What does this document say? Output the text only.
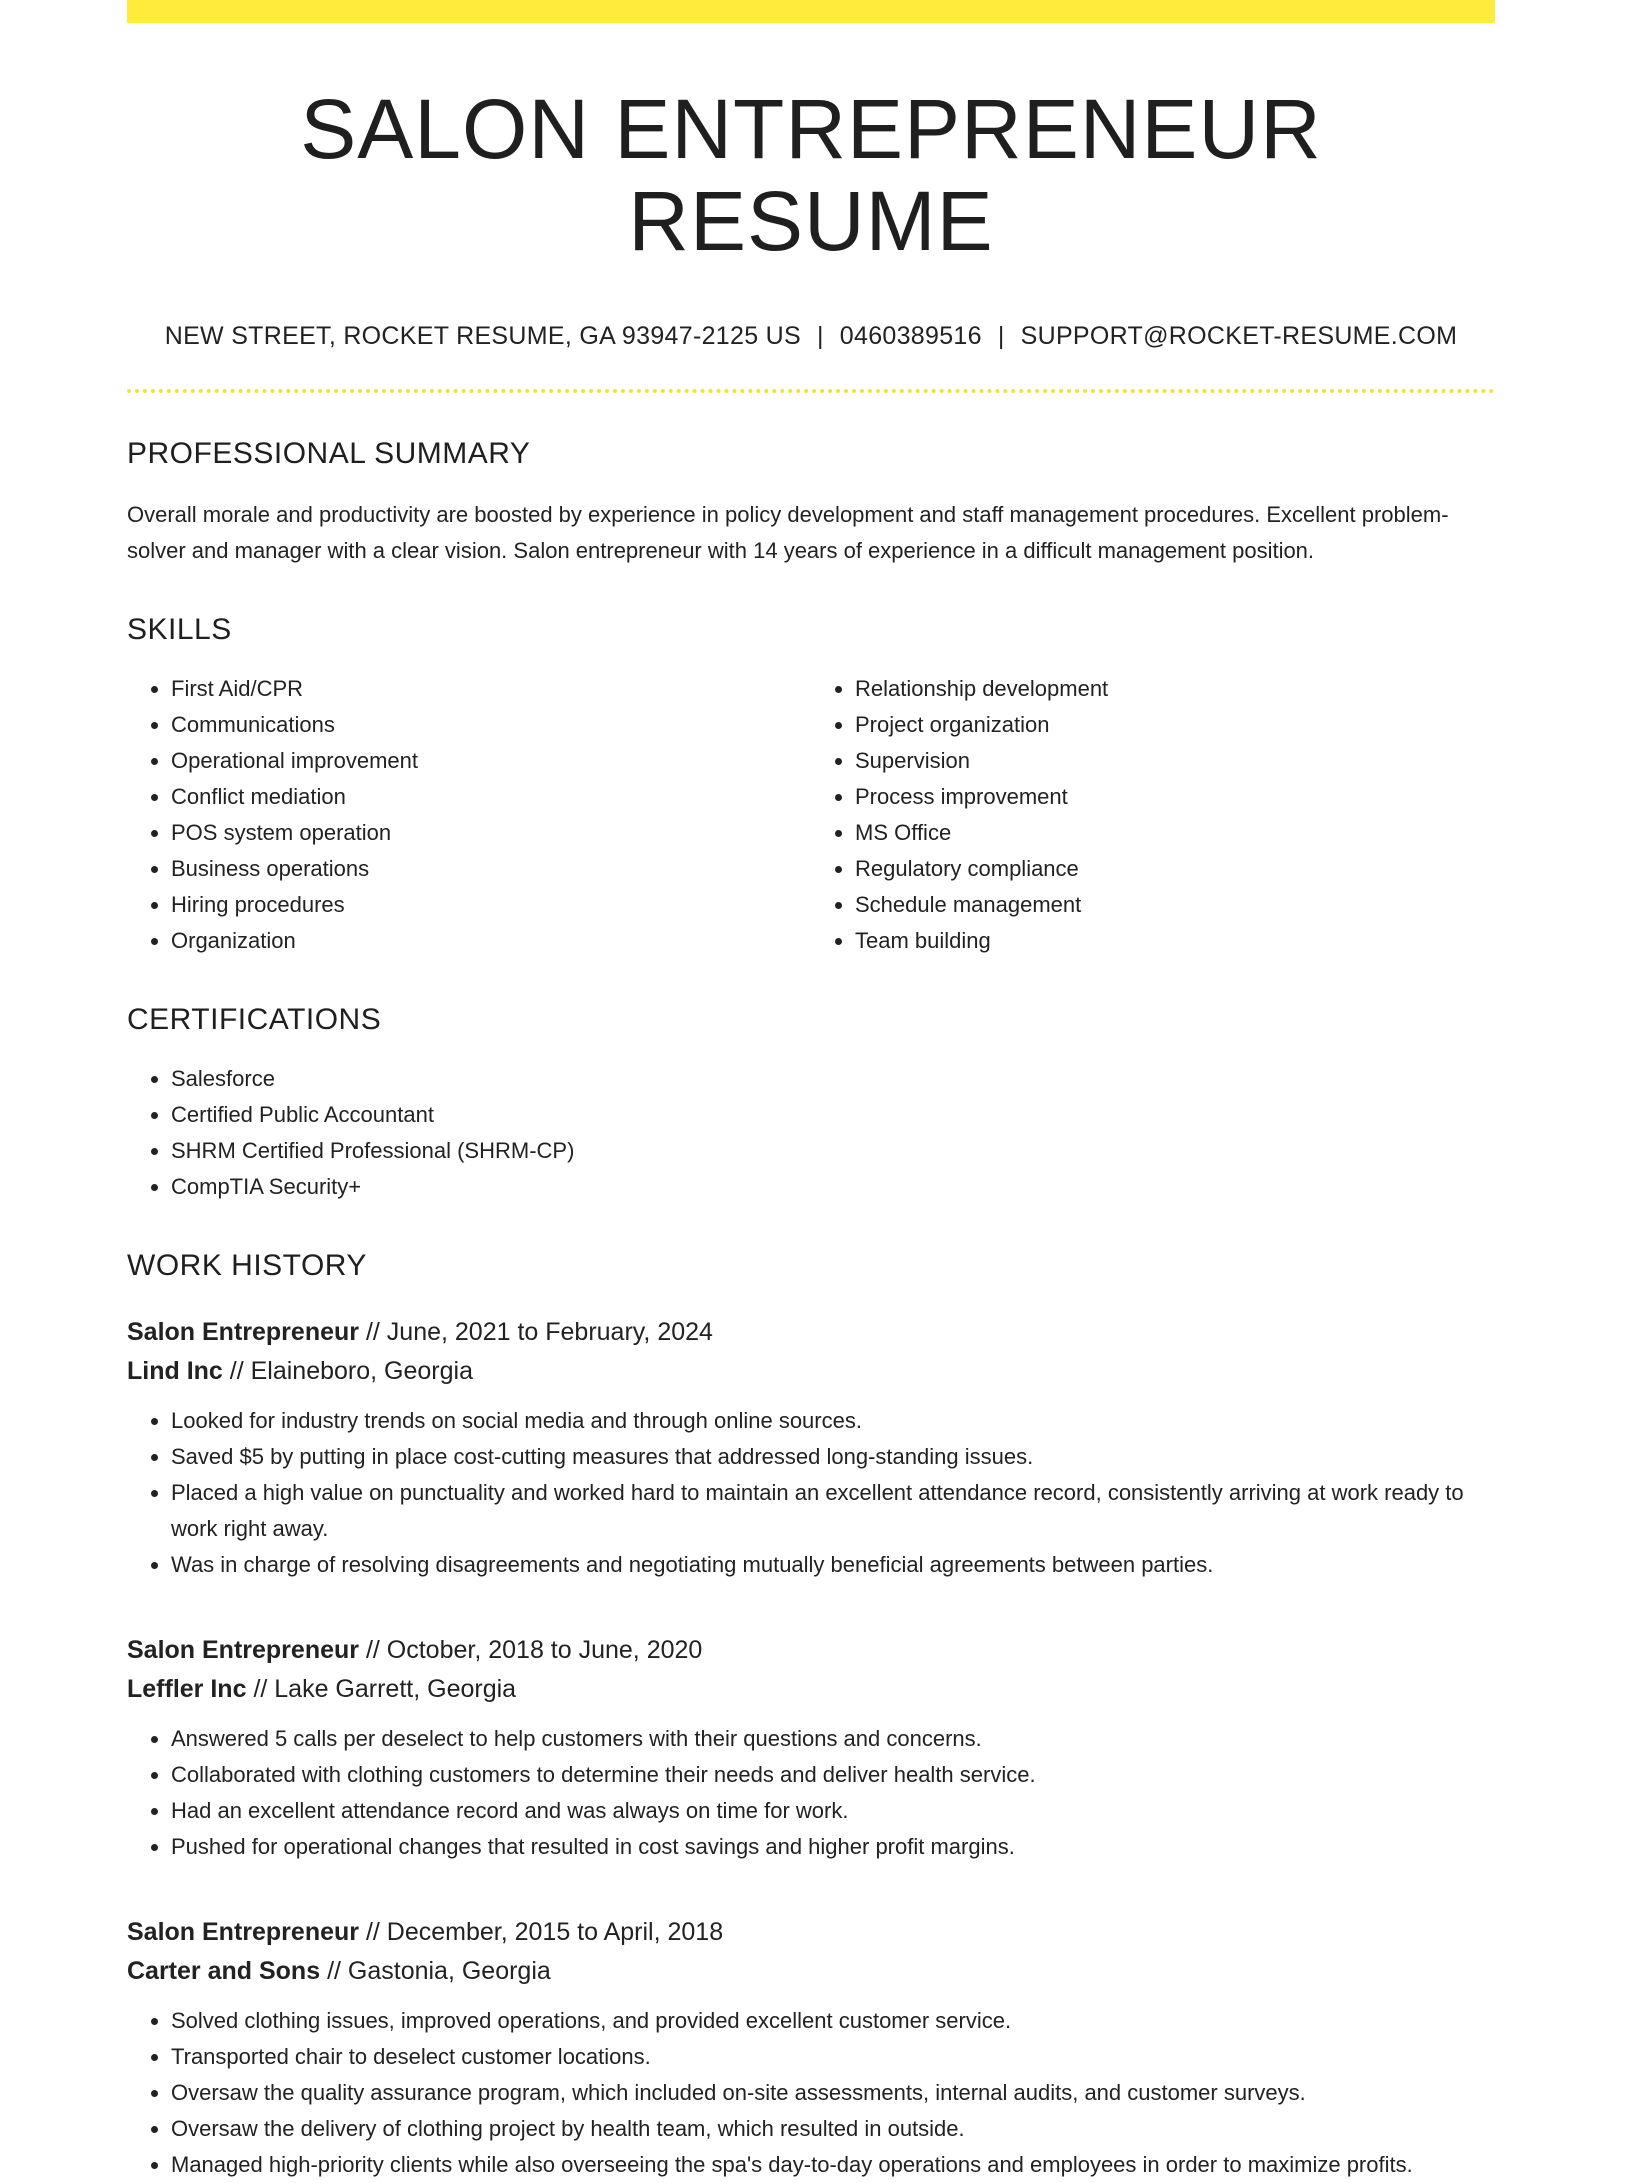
SALON ENTREPRENEUR RESUME
NEW STREET, ROCKET RESUME, GA 93947-2125 US | 0460389516 | SUPPORT@ROCKET-RESUME.COM
PROFESSIONAL SUMMARY
Overall morale and productivity are boosted by experience in policy development and staff management procedures. Excellent problem-solver and manager with a clear vision. Salon entrepreneur with 14 years of experience in a difficult management position.
SKILLS
• First Aid/CPR
• Communications
• Operational improvement
• Conflict mediation
• POS system operation
• Business operations
• Hiring procedures
• Organization
• Relationship development
• Project organization
• Supervision
• Process improvement
• MS Office
• Regulatory compliance
• Schedule management
• Team building
CERTIFICATIONS
• Salesforce
• Certified Public Accountant
• SHRM Certified Professional (SHRM-CP)
• CompTIA Security+
WORK HISTORY
Salon Entrepreneur // June, 2021 to February, 2024
Lind Inc // Elaineboro, Georgia
• Looked for industry trends on social media and through online sources.
• Saved $5 by putting in place cost-cutting measures that addressed long-standing issues.
• Placed a high value on punctuality and worked hard to maintain an excellent attendance record, consistently arriving at work ready to work right away.
• Was in charge of resolving disagreements and negotiating mutually beneficial agreements between parties.
Salon Entrepreneur // October, 2018 to June, 2020
Leffler Inc // Lake Garrett, Georgia
• Answered 5 calls per deselect to help customers with their questions and concerns.
• Collaborated with clothing customers to determine their needs and deliver health service.
• Had an excellent attendance record and was always on time for work.
• Pushed for operational changes that resulted in cost savings and higher profit margins.
Salon Entrepreneur // December, 2015 to April, 2018
Carter and Sons // Gastonia, Georgia
• Solved clothing issues, improved operations, and provided excellent customer service.
• Transported chair to deselect customer locations.
• Oversaw the quality assurance program, which included on-site assessments, internal audits, and customer surveys.
• Oversaw the delivery of clothing project by health team, which resulted in outside.
• Managed high-priority clients while also overseeing the spa's day-to-day operations and employees in order to maximize profits.
